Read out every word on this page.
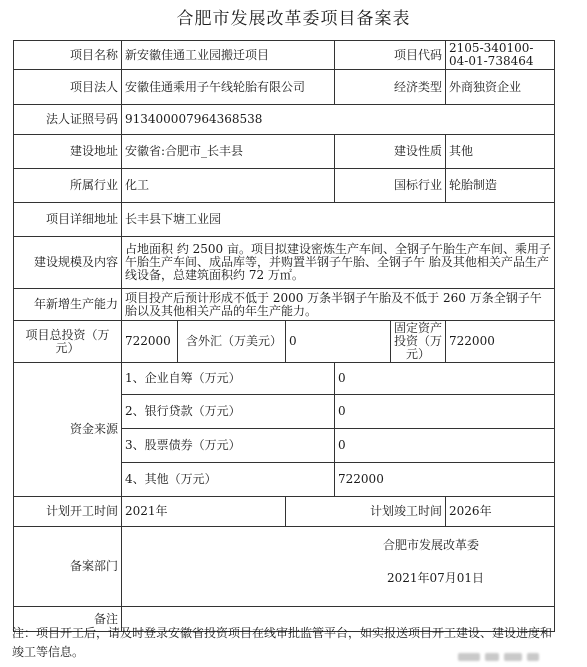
合肥市发展改革委项目备案表
项目名称	新安徽佳通工业园搬迁项目			项目代码		2105-340100-04-01-738464
项目法人	安徽佳通乘用子午线轮胎有限公司			经济类型		外商独资企业
法人证照号码	913400007964368538					
建设地址	安徽省:合肥市_长丰县			建设性质		其他
所属行业	化工			国标行业		轮胎制造
项目详细地址	长丰县下塘工业园					
建设规模及内容	占地面积 约 2500 亩。项目拟建设密炼生产车间、全钢子午胎生产车间、乘用子午胎生产车间、成品库等，并购置半钢子午胎、全钢子午 胎及其他相关产品生产线设备，总建筑面积约 72 万㎡。					
年新增生产能力	项目投产后预计形成不低于 2000 万条半钢子午胎及不低于 260 万条全钢子午胎以及其他相关产品的年生产能力。					
项目总投资（万元）	722000	含外汇（万美元）	0		固定资产投资（万元）	722000
资金来源	1、企业自筹（万元）			0		
	2、银行贷款（万元）			0		
	3、股票债券（万元）			0		
	4、其他（万元）			722000		
计划开工时间	2021年		计划竣工时间			2026年
备案部门	合肥市发展改革委
2021年07月01日					

备注						
注：项目开工后，请及时登录安徽省投资项目在线审批监管平台，如实报送项目开工建设、建设进度和竣工等信息。
